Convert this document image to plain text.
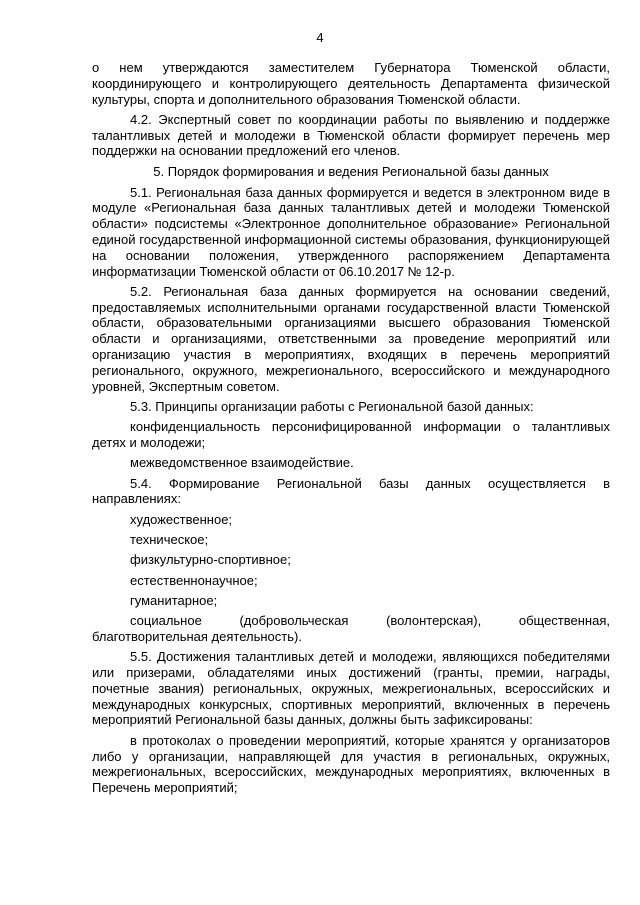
4

о нем утверждаются заместителем Губернатора Тюменской области, координирующего и контролирующего деятельность Департамента физической культуры, спорта и дополнительного образования Тюменской области.

4.2. Экспертный совет по координации работы по выявлению и поддержке талантливых детей и молодежи в Тюменской области формирует перечень мер поддержки на основании предложений его членов.

5. Порядок формирования и ведения Региональной базы данных

5.1. Региональная база данных формируется и ведется в электронном виде в модуле «Региональная база данных талантливых детей и молодежи Тюменской области» подсистемы «Электронное дополнительное образование» Региональной единой государственной информационной системы образования, функционирующей на основании положения, утвержденного распоряжением Департамента информатизации Тюменской области от 06.10.2017 № 12-р.

5.2. Региональная база данных формируется на основании сведений, предоставляемых исполнительными органами государственной власти Тюменской области, образовательными организациями высшего образования Тюменской области и организациями, ответственными за проведение мероприятий или организацию участия в мероприятиях, входящих в перечень мероприятий регионального, окружного, межрегионального, всероссийского и международного уровней, Экспертным советом.

5.3. Принципы организации работы с Региональной базой данных:

конфиденциальность персонифицированной информации о талантливых детях и молодежи;

межведомственное взаимодействие.

5.4. Формирование Региональной базы данных осуществляется в направлениях:

художественное;

техническое;

физкультурно-спортивное;

естественнонаучное;

гуманитарное;

социальное (добровольческая (волонтерская), общественная, благотворительная деятельность).

5.5. Достижения талантливых детей и молодежи, являющихся победителями или призерами, обладателями иных достижений (гранты, премии, награды, почетные звания) региональных, окружных, межрегиональных, всероссийских и международных конкурсных, спортивных мероприятий, включенных в перечень мероприятий Региональной базы данных, должны быть зафиксированы:

в протоколах о проведении мероприятий, которые хранятся у организаторов либо у организации, направляющей для участия в региональных, окружных, межрегиональных, всероссийских, международных мероприятиях, включенных в Перечень мероприятий;
